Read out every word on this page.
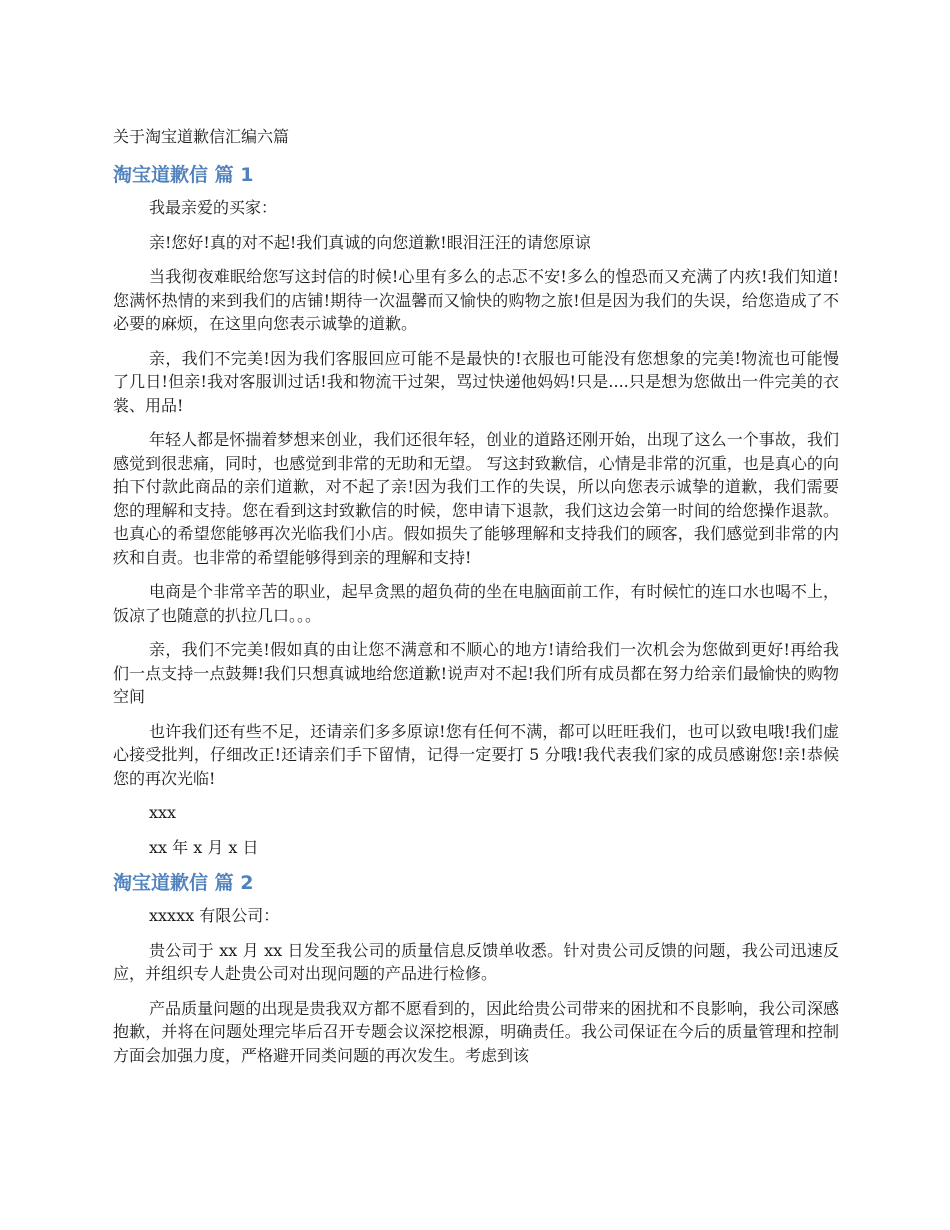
关于淘宝道歉信汇编六篇
淘宝道歉信 篇 1

我最亲爱的买家：

亲!您好!真的对不起!我们真诚的向您道歉!眼泪汪汪的请您原谅

当我彻夜难眠给您写这封信的时候!心里有多么的忐忑不安!多么的惶恐而又充满了内疚!我们知道!您满怀热情的来到我们的店铺!期待一次温馨而又愉快的购物之旅!但是因为我们的失误，给您造成了不必要的麻烦，在这里向您表示诚挚的道歉。

亲，我们不完美!因为我们客服回应可能不是最快的!衣服也可能没有您想象的完美!物流也可能慢了几日!但亲!我对客服训过话!我和物流干过架，骂过快递他妈妈!只是....只是想为您做出一件完美的衣裳、用品!

年轻人都是怀揣着梦想来创业，我们还很年轻，创业的道路还刚开始，出现了这么一个事故，我们感觉到很悲痛，同时，也感觉到非常的无助和无望。 写这封致歉信，心情是非常的沉重，也是真心的向拍下付款此商品的亲们道歉，对不起了亲!因为我们工作的失误，所以向您表示诚挚的道歉，我们需要您的理解和支持。您在看到这封致歉信的时候，您申请下退款，我们这边会第一时间的给您操作退款。也真心的希望您能够再次光临我们小店。假如损失了能够理解和支持我们的顾客，我们感觉到非常的内疚和自责。也非常的希望能够得到亲的理解和支持!

电商是个非常辛苦的职业，起早贪黑的超负荷的坐在电脑面前工作，有时候忙的连口水也喝不上，饭凉了也随意的扒拉几口。。。

亲，我们不完美!假如真的由让您不满意和不顺心的地方!请给我们一次机会为您做到更好!再给我们一点支持一点鼓舞!我们只想真诚地给您道歉!说声对不起!我们所有成员都在努力给亲们最愉快的购物空间

也许我们还有些不足，还请亲们多多原谅!您有任何不满，都可以旺旺我们，也可以致电哦!我们虚心接受批判，仔细改正!还请亲们手下留情，记得一定要打 5 分哦!我代表我们家的成员感谢您!亲!恭候您的再次光临!

xxx

xx 年 x 月 x 日

淘宝道歉信 篇 2

xxxxx 有限公司：

贵公司于 xx 月 xx 日发至我公司的质量信息反馈单收悉。针对贵公司反馈的问题，我公司迅速反应，并组织专人赴贵公司对出现问题的产品进行检修。

产品质量问题的出现是贵我双方都不愿看到的，因此给贵公司带来的困扰和不良影响，我公司深感抱歉，并将在问题处理完毕后召开专题会议深挖根源，明确责任。我公司保证在今后的质量管理和控制方面会加强力度，严格避开同类问题的再次发生。考虑到该
